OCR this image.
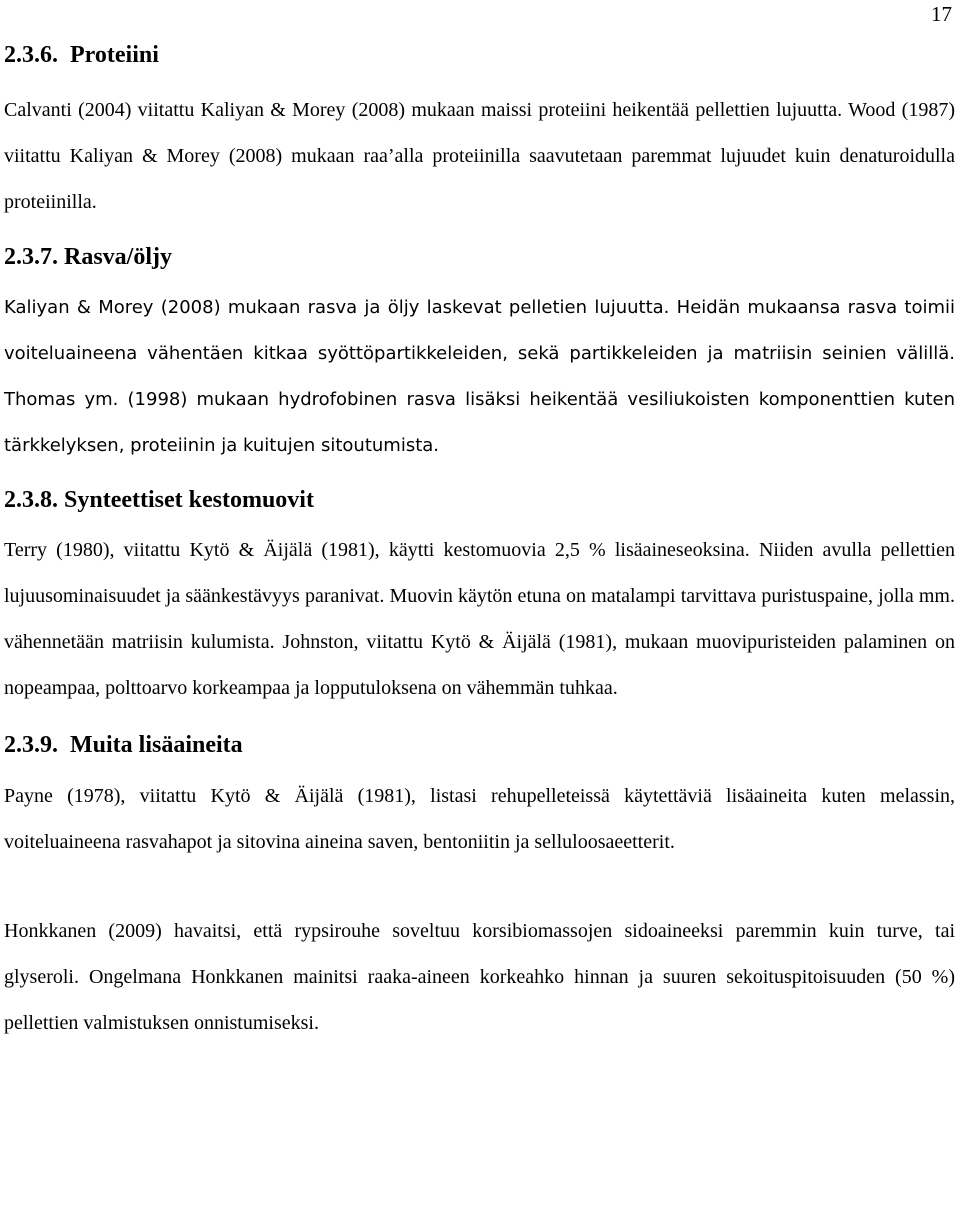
17
2.3.6. Proteiini

Calvanti (2004) viitattu Kaliyan & Morey (2008) mukaan maissi proteiini heikentää pellettien lujuutta. Wood (1987) viitattu Kaliyan & Morey (2008) mukaan raa’alla proteiinilla saavutetaan paremmat lujuudet kuin denaturoidulla proteiinilla.

2.3.7. Rasva/öljy

Kaliyan & Morey (2008) mukaan rasva ja öljy laskevat pelletien lujuutta. Heidän mukaansa rasva toimii voiteluaineena vähentäen kitkaa syöttöpartikkeleiden, sekä partikkeleiden ja matriisin seinien välillä. Thomas ym. (1998) mukaan hydrofobinen rasva lisäksi heikentää vesiliukoisten komponenttien kuten tärkkelyksen, proteiinin ja kuitujen sitoutumista.

2.3.8. Synteettiset kestomuovit

Terry (1980), viitattu Kytö & Äijälä (1981), käytti kestomuovia 2,5 % lisäaineseoksina. Niiden avulla pellettien lujuusominaisuudet ja säänkestävyys paranivat. Muovin käytön etuna on matalampi tarvittava puristuspaine, jolla mm. vähennetään matriisin kulumista. Johnston, viitattu Kytö & Äijälä (1981), mukaan muovipuristeiden palaminen on nopeampaa, polttoarvo korkeampaa ja lopputuloksena on vähemmän tuhkaa.

2.3.9. Muita lisäaineita

Payne (1978), viitattu Kytö & Äijälä (1981), listasi rehupelleteissä käytettäviä lisäaineita kuten melassin, voiteluaineena rasvahapot ja sitovina aineina saven, bentoniitin ja selluloosaeetterit.

Honkkanen (2009) havaitsi, että rypsirouhe soveltuu korsibiomassojen sidoaineeksi paremmin kuin turve, tai glyseroli. Ongelmana Honkkanen mainitsi raaka-aineen korkeahko hinnan ja suuren sekoituspitoisuuden (50 %) pellettien valmistuksen onnistumiseksi.
